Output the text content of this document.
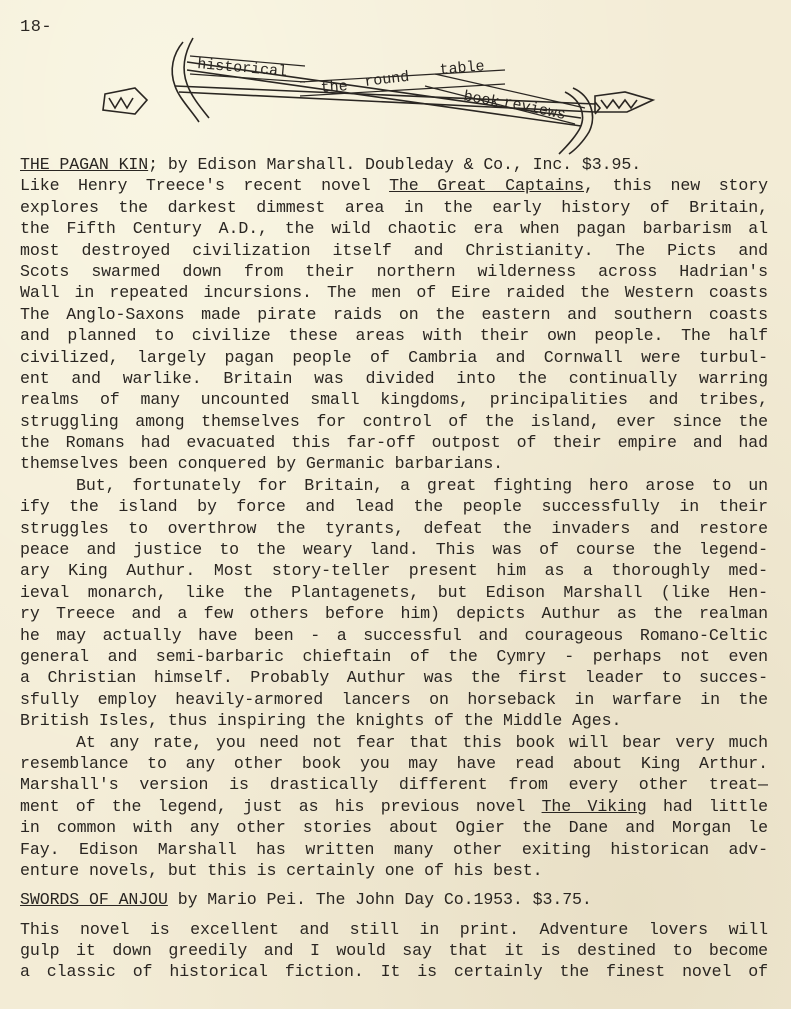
18-
historical
the round
table
book reviews
THE PAGAN KIN; by Edison Marshall. Doubleday & Co., Inc. $3.95.
Like Henry Treece's recent novel The Great Captains, this new story
explores the darkest dimmest area in the early history of Britain,
the Fifth Century A.D., the wild chaotic era when pagan barbarism al
most destroyed civilization itself and Christianity. The Picts and
Scots swarmed down from their northern wilderness across Hadrian's
Wall in repeated incursions. The men of Eire raided the Western coasts
The Anglo-Saxons made pirate raids on the eastern and southern coasts
and planned to civilize these areas with their own people. The half
civilized, largely pagan people of Cambria and Cornwall were turbul-
ent and warlike. Britain was divided into the continually warring
realms of many uncounted small kingdoms, principalities and tribes,
struggling among themselves for control of the island, ever since the
the Romans had evacuated this far-off outpost of their empire and had
themselves been conquered by Germanic barbarians.
But, fortunately for Britain, a great fighting hero arose to un
ify the island by force and lead the people successfully in their
struggles to overthrow the tyrants, defeat the invaders and restore
peace and justice to the weary land. This was of course the legend-
ary King Authur. Most story-teller present him as a thoroughly med-
ieval monarch, like the Plantagenets, but Edison Marshall (like Hen-
ry Treece and a few others before him) depicts Authur as the realman
he may actually have been - a successful and courageous Romano-Celtic
general and semi-barbaric chieftain of the Cymry - perhaps not even
a Christian himself. Probably Authur was the first leader to succes-
sfully employ heavily-armored lancers on horseback in warfare in the
British Isles, thus inspiring the knights of the Middle Ages.
At any rate, you need not fear that this book will bear very much
resemblance to any other book you may have read about King Arthur.
Marshall's version is drastically different from every other treat—
ment of the legend, just as his previous novel The Viking had little
in common with any other stories about Ogier the Dane and Morgan le
Fay. Edison Marshall has written many other exiting historican adv-
enture novels, but this is certainly one of his best.
SWORDS OF ANJOU by Mario Pei. The John Day Co.1953. $3.75.
This novel is excellent and still in print. Adventure lovers will
gulp it down greedily and I would say that it is destined to become
a classic of historical fiction. It is certainly the finest novel of
